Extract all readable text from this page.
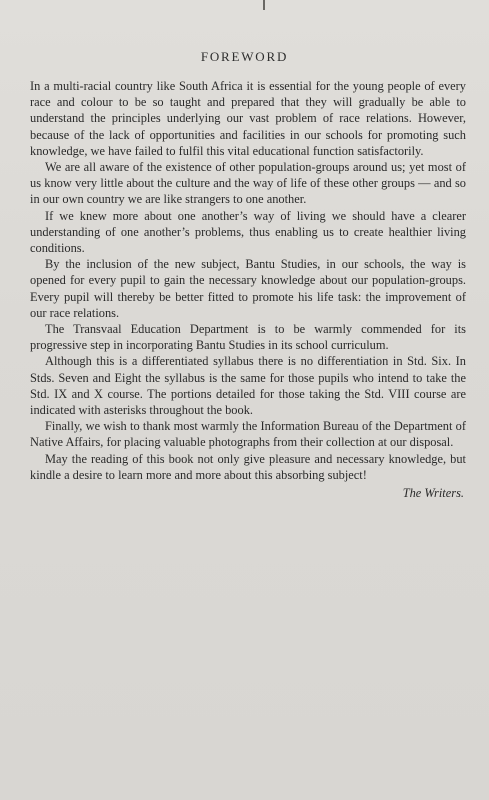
FOREWORD

In a multi-racial country like South Africa it is essential for the young people of every race and colour to be so taught and prepared that they will gradually be able to understand the principles underlying our vast problem of race relations. However, because of the lack of opportunities and facilities in our schools for promoting such knowledge, we have failed to fulfil this vital educational function satisfactorily.

We are all aware of the existence of other population-groups around us; yet most of us know very little about the culture and the way of life of these other groups — and so in our own country we are like strangers to one another.

If we knew more about one another’s way of living we should have a clearer understanding of one another’s problems, thus enabling us to create healthier living conditions.

By the inclusion of the new subject, Bantu Studies, in our schools, the way is opened for every pupil to gain the necessary knowledge about our population-groups. Every pupil will thereby be better fitted to promote his life task: the improvement of our race relations.

The Transvaal Education Department is to be warmly commended for its progressive step in incorporating Bantu Studies in its school curriculum.

Although this is a differentiated syllabus there is no differentiation in Std. Six. In Stds. Seven and Eight the syllabus is the same for those pupils who intend to take the Std. IX and X course. The portions detailed for those taking the Std. VIII course are indicated with asterisks throughout the book.

Finally, we wish to thank most warmly the Information Bureau of the Department of Native Affairs, for placing valuable photographs from their collection at our disposal.

May the reading of this book not only give pleasure and necessary knowledge, but kindle a desire to learn more and more about this absorbing subject!

The Writers.
